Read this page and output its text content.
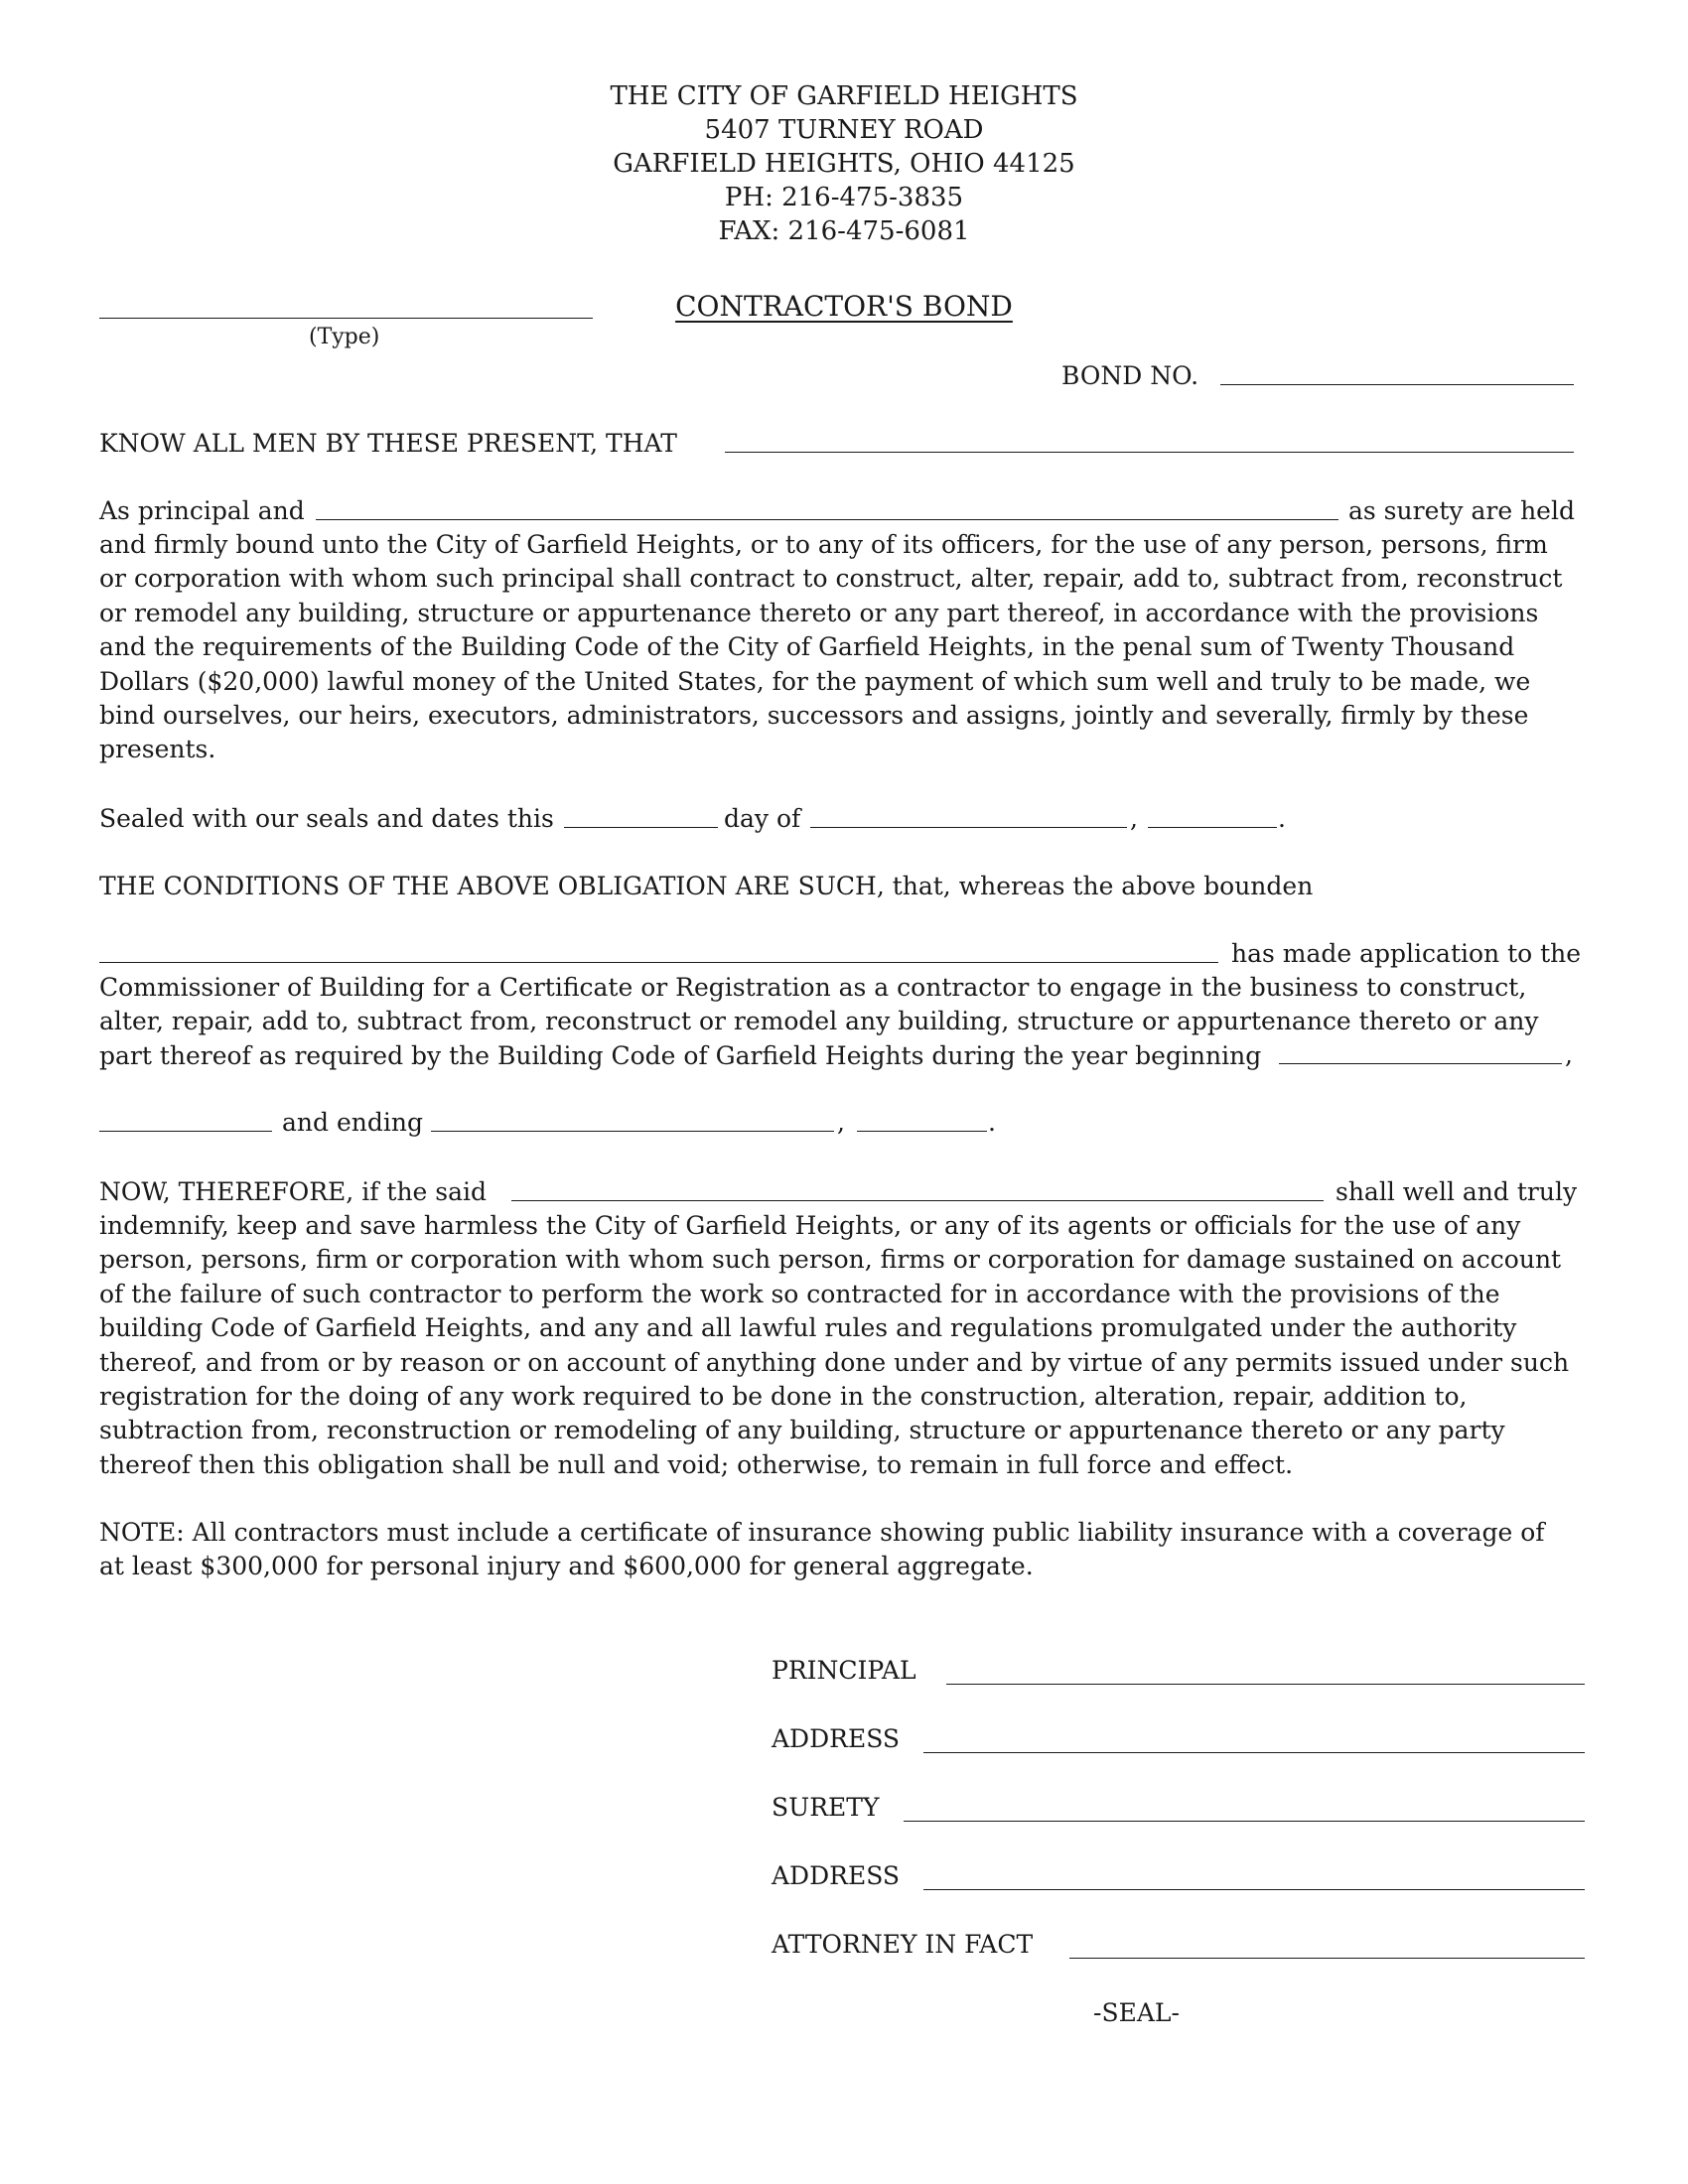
THE CITY OF GARFIELD HEIGHTS
5407 TURNEY ROAD
GARFIELD HEIGHTS, OHIO 44125
PH: 216-475-3835
FAX: 216-475-6081
(Type)
CONTRACTOR'S BOND
BOND NO.
KNOW ALL MEN BY THESE PRESENT, THAT
As principal and	as surety are held
and firmly bound unto the City of Garfield Heights, or to any of its officers, for the use of any person, persons, firm
or corporation with whom such principal shall contract to construct, alter, repair, add to, subtract from, reconstruct
or remodel any building, structure or appurtenance thereto or any part thereof, in accordance with the provisions
and the requirements of the Building Code of the City of Garfield Heights, in the penal sum of Twenty Thousand
Dollars ($20,000) lawful money of the United States, for the payment of which sum well and truly to be made, we
bind ourselves, our heirs, executors, administrators, successors and assigns, jointly and severally, firmly by these
presents.
Sealed with our seals and dates this	day of	,	.
THE CONDITIONS OF THE ABOVE OBLIGATION ARE SUCH, that, whereas the above bounden
has made application to the
Commissioner of Building for a Certificate or Registration as a contractor to engage in the business to construct,
alter, repair, add to, subtract from, reconstruct or remodel any building, structure or appurtenance thereto or any
part thereof as required by the Building Code of Garfield Heights during the year beginning	,
and ending	,	.
NOW, THEREFORE, if the said	shall well and truly
indemnify, keep and save harmless the City of Garfield Heights, or any of its agents or officials for the use of any
person, persons, firm or corporation with whom such person, firms or corporation for damage sustained on account
of the failure of such contractor to perform the work so contracted for in accordance with the provisions of the
building Code of Garfield Heights, and any and all lawful rules and regulations promulgated under the authority
thereof, and from or by reason or on account of anything done under and by virtue of any permits issued under such
registration for the doing of any work required to be done in the construction, alteration, repair, addition to,
subtraction from, reconstruction or remodeling of any building, structure or appurtenance thereto or any party
thereof then this obligation shall be null and void; otherwise, to remain in full force and effect.
NOTE: All contractors must include a certificate of insurance showing public liability insurance with a coverage of
at least $300,000 for personal injury and $600,000 for general aggregate.
PRINCIPAL
ADDRESS
SURETY
ADDRESS
ATTORNEY IN FACT
-SEAL-
